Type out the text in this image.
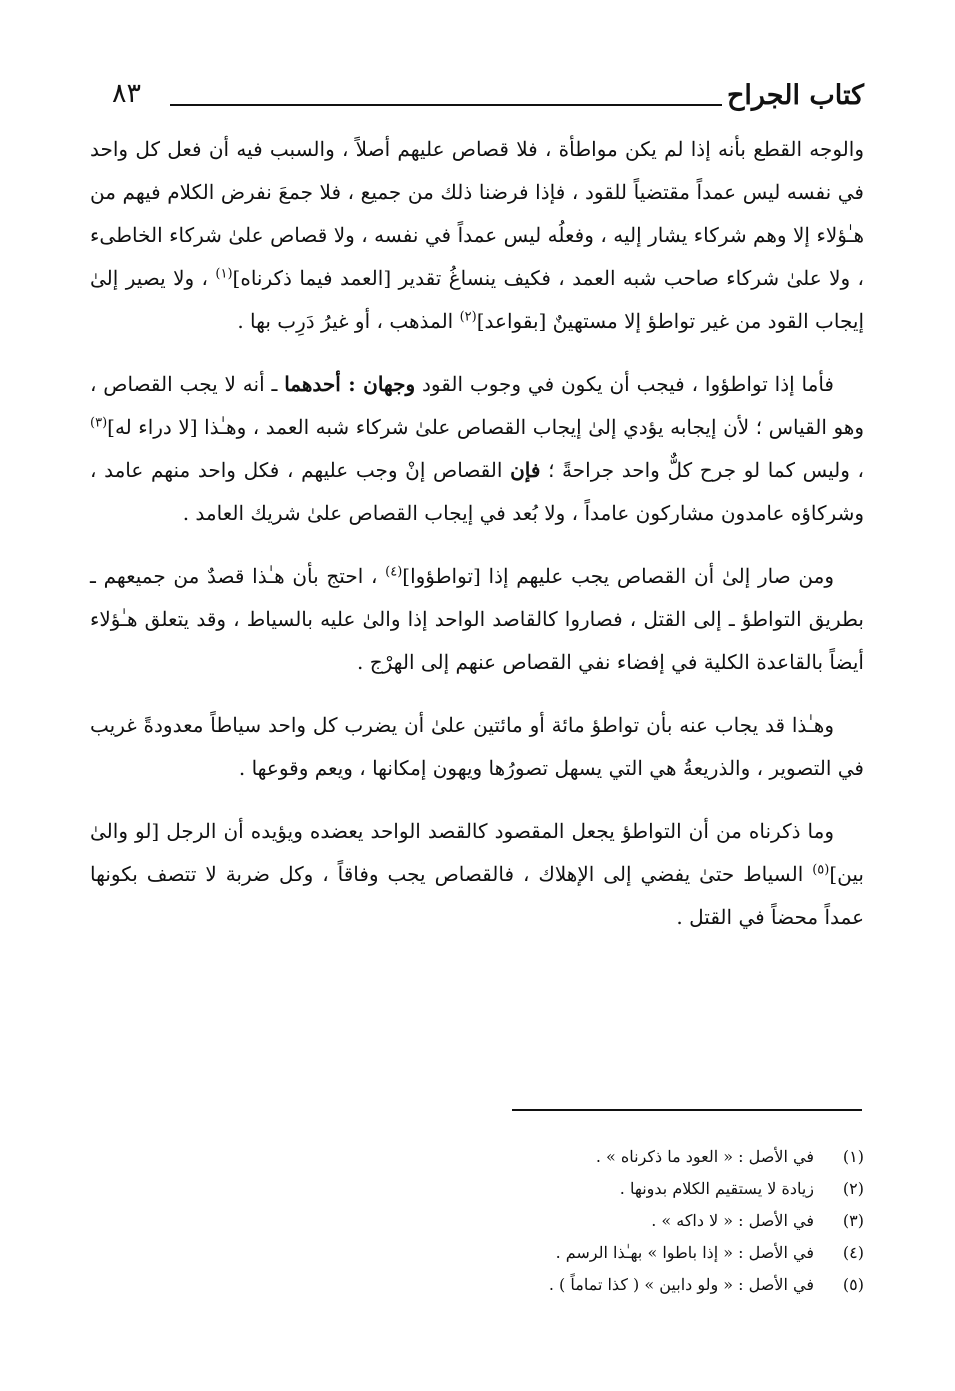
كتاب الجراح
٨٣

والوجه القطع بأنه إذا لم يكن مواطأة ، فلا قصاص عليهم أصلاً ، والسبب فيه أن فعل كل واحد في نفسه ليس عمداً مقتضياً للقود ، فإذا فرضنا ذلك من جميع ، فلا جمعَ نفرض الكلام فيهم من هـٰؤلاء إلا وهم شركاء يشار إليه ، وفعلُه ليس عمداً في نفسه ، ولا قصاص علىٰ شركاء الخاطىء ، ولا علىٰ شركاء صاحب شبه العمد ، فكيف ينساغُ تقدير [العمد فيما ذكرناه]$^{(١)}$ ، ولا يصير إلىٰ إيجاب القود من غير تواطؤ إلا مستهينٌ [بقواعد]$^{(٢)}$ المذهب ، أو غيرُ دَرِب بها .

فأما إذا تواطؤوا ، فيجب أن يكون في وجوب القود وجهان : أحدهما ـ أنه لا يجب القصاص ، وهو القياس ؛ لأن إيجابه يؤدي إلىٰ إيجاب القصاص علىٰ شركاء شبه العمد ، وهـٰذا [لا دراء له]$^{(٣)}$ ، وليس كما لو جرح كلٌّ واحد جراحةً ؛ فإن القصاص إنْ وجب عليهم ، فكل واحد منهم عامد ، وشركاؤه عامدون مشاركون عامداً ، ولا بُعد في إيجاب القصاص علىٰ شريك العامد .

ومن صار إلىٰ أن القصاص يجب عليهم إذا [تواطؤوا]$^{(٤)}$ ، احتج بأن هـٰذا قصدٌ من جميعهم ـ بطريق التواطؤ ـ إلى القتل ، فصاروا كالقاصد الواحد إذا والىٰ عليه بالسياط ، وقد يتعلق هـٰؤلاء أيضاً بالقاعدة الكلية في إفضاء نفي القصاص عنهم إلى الهرْج .

وهـٰذا قد يجاب عنه بأن تواطؤ مائة أو مائتين علىٰ أن يضرب كل واحد سياطاً معدودةً غريب في التصوير ، والذريعةُ هي التي يسهل تصورُها ويهون إمكانها ، ويعم وقوعها .

وما ذكرناه من أن التواطؤ يجعل المقصود كالقصد الواحد يعضده ويؤيده أن الرجل [لو والىٰ بين]$^{(٥)}$ السياط حتىٰ يفضي إلى الإهلاك ، فالقصاص يجب وفاقاً ، وكل ضربة لا تتصف بكونها عمداً محضاً في القتل .

(١)
في الأصل : « العود ما ذكرناه » .
(٢)
زيادة لا يستقيم الكلام بدونها .
(٣)
في الأصل : « لا داكه » .
(٤)
في الأصل : « إذا باطوا » بهـٰذا الرسم .
(٥)
في الأصل : « ولو دابين » ( كذا تماماً ) .
